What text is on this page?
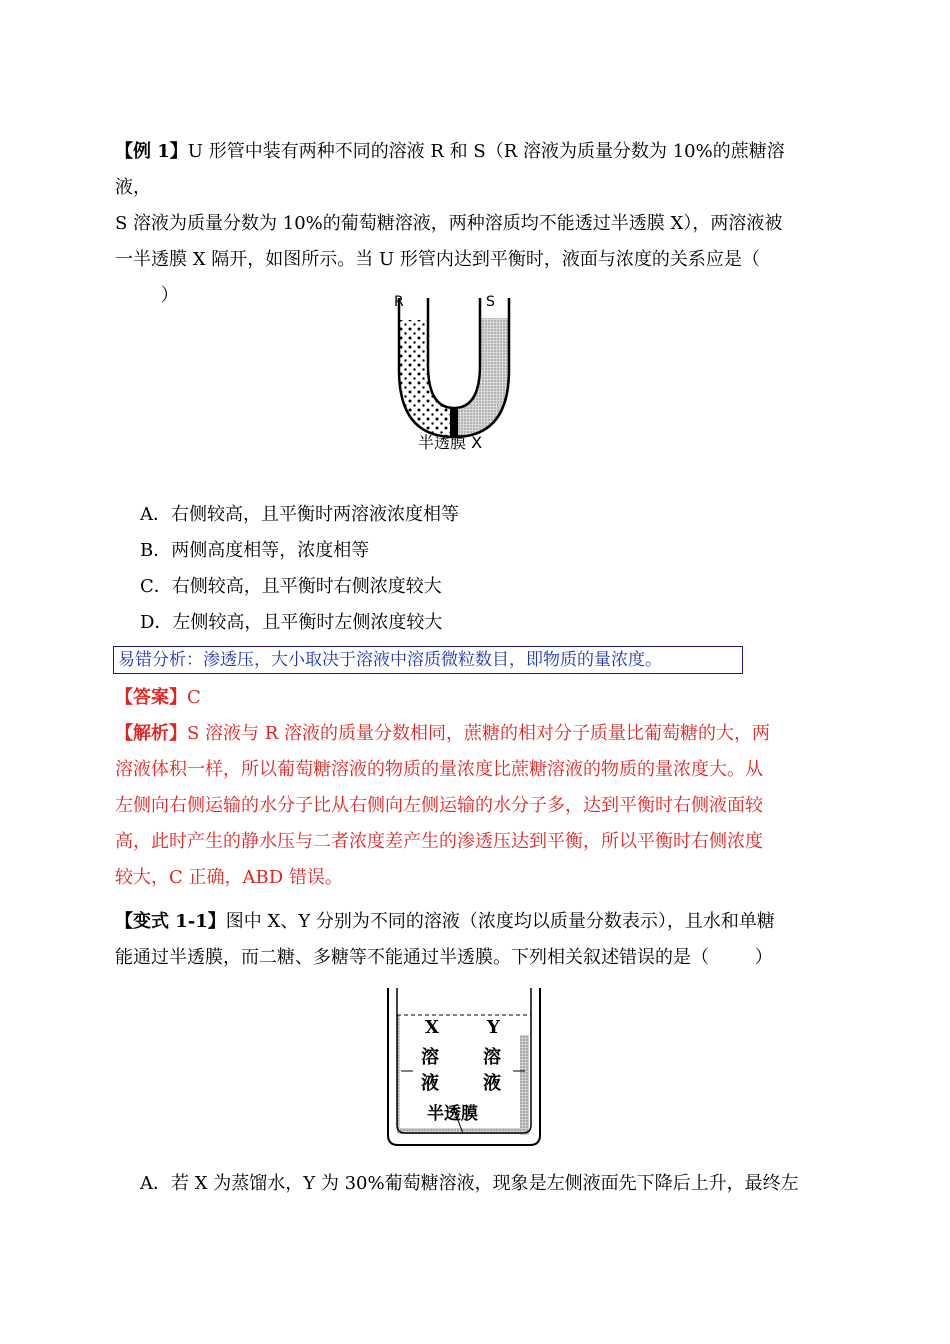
【例 1】U 形管中装有两种不同的溶液 R 和 S（R 溶液为质量分数为 10%的蔗糖溶液，
S 溶液为质量分数为 10%的葡萄糖溶液，两种溶质均不能透过半透膜 X），两溶液被
一半透膜 X 隔开，如图所示。当 U 形管内达到平衡时，液面与浓度的关系应是（
）	R	S
半透膜 X
A．右侧较高，且平衡时两溶液浓度相等
B．两侧高度相等，浓度相等
C．右侧较高，且平衡时右侧浓度较大
D．左侧较高，且平衡时左侧浓度较大
易错分析：渗透压，大小取决于溶液中溶质微粒数目，即物质的量浓度。

【答案】C

【解析】S 溶液与 R 溶液的质量分数相同，蔗糖的相对分子质量比葡萄糖的大，两
溶液体积一样，所以葡萄糖溶液的物质的量浓度比蔗糖溶液的物质的量浓度大。从
左侧向右侧运输的水分子比从右侧向左侧运输的水分子多，达到平衡时右侧液面较
高，此时产生的静水压与二者浓度差产生的渗透压达到平衡，所以平衡时右侧浓度
较大，C 正确，ABD 错误。

【变式 1-1】图中 X、Y 分别为不同的溶液（浓度均以质量分数表示），且水和单糖
能通过半透膜，而二糖、多糖等不能通过半透膜。下列相关叙述错误的是（        ）

X	Y
溶 溶
液 液
半透膜
A．若 X 为蒸馏水，Y 为 30%葡萄糖溶液，现象是左侧液面先下降后上升，最终左
